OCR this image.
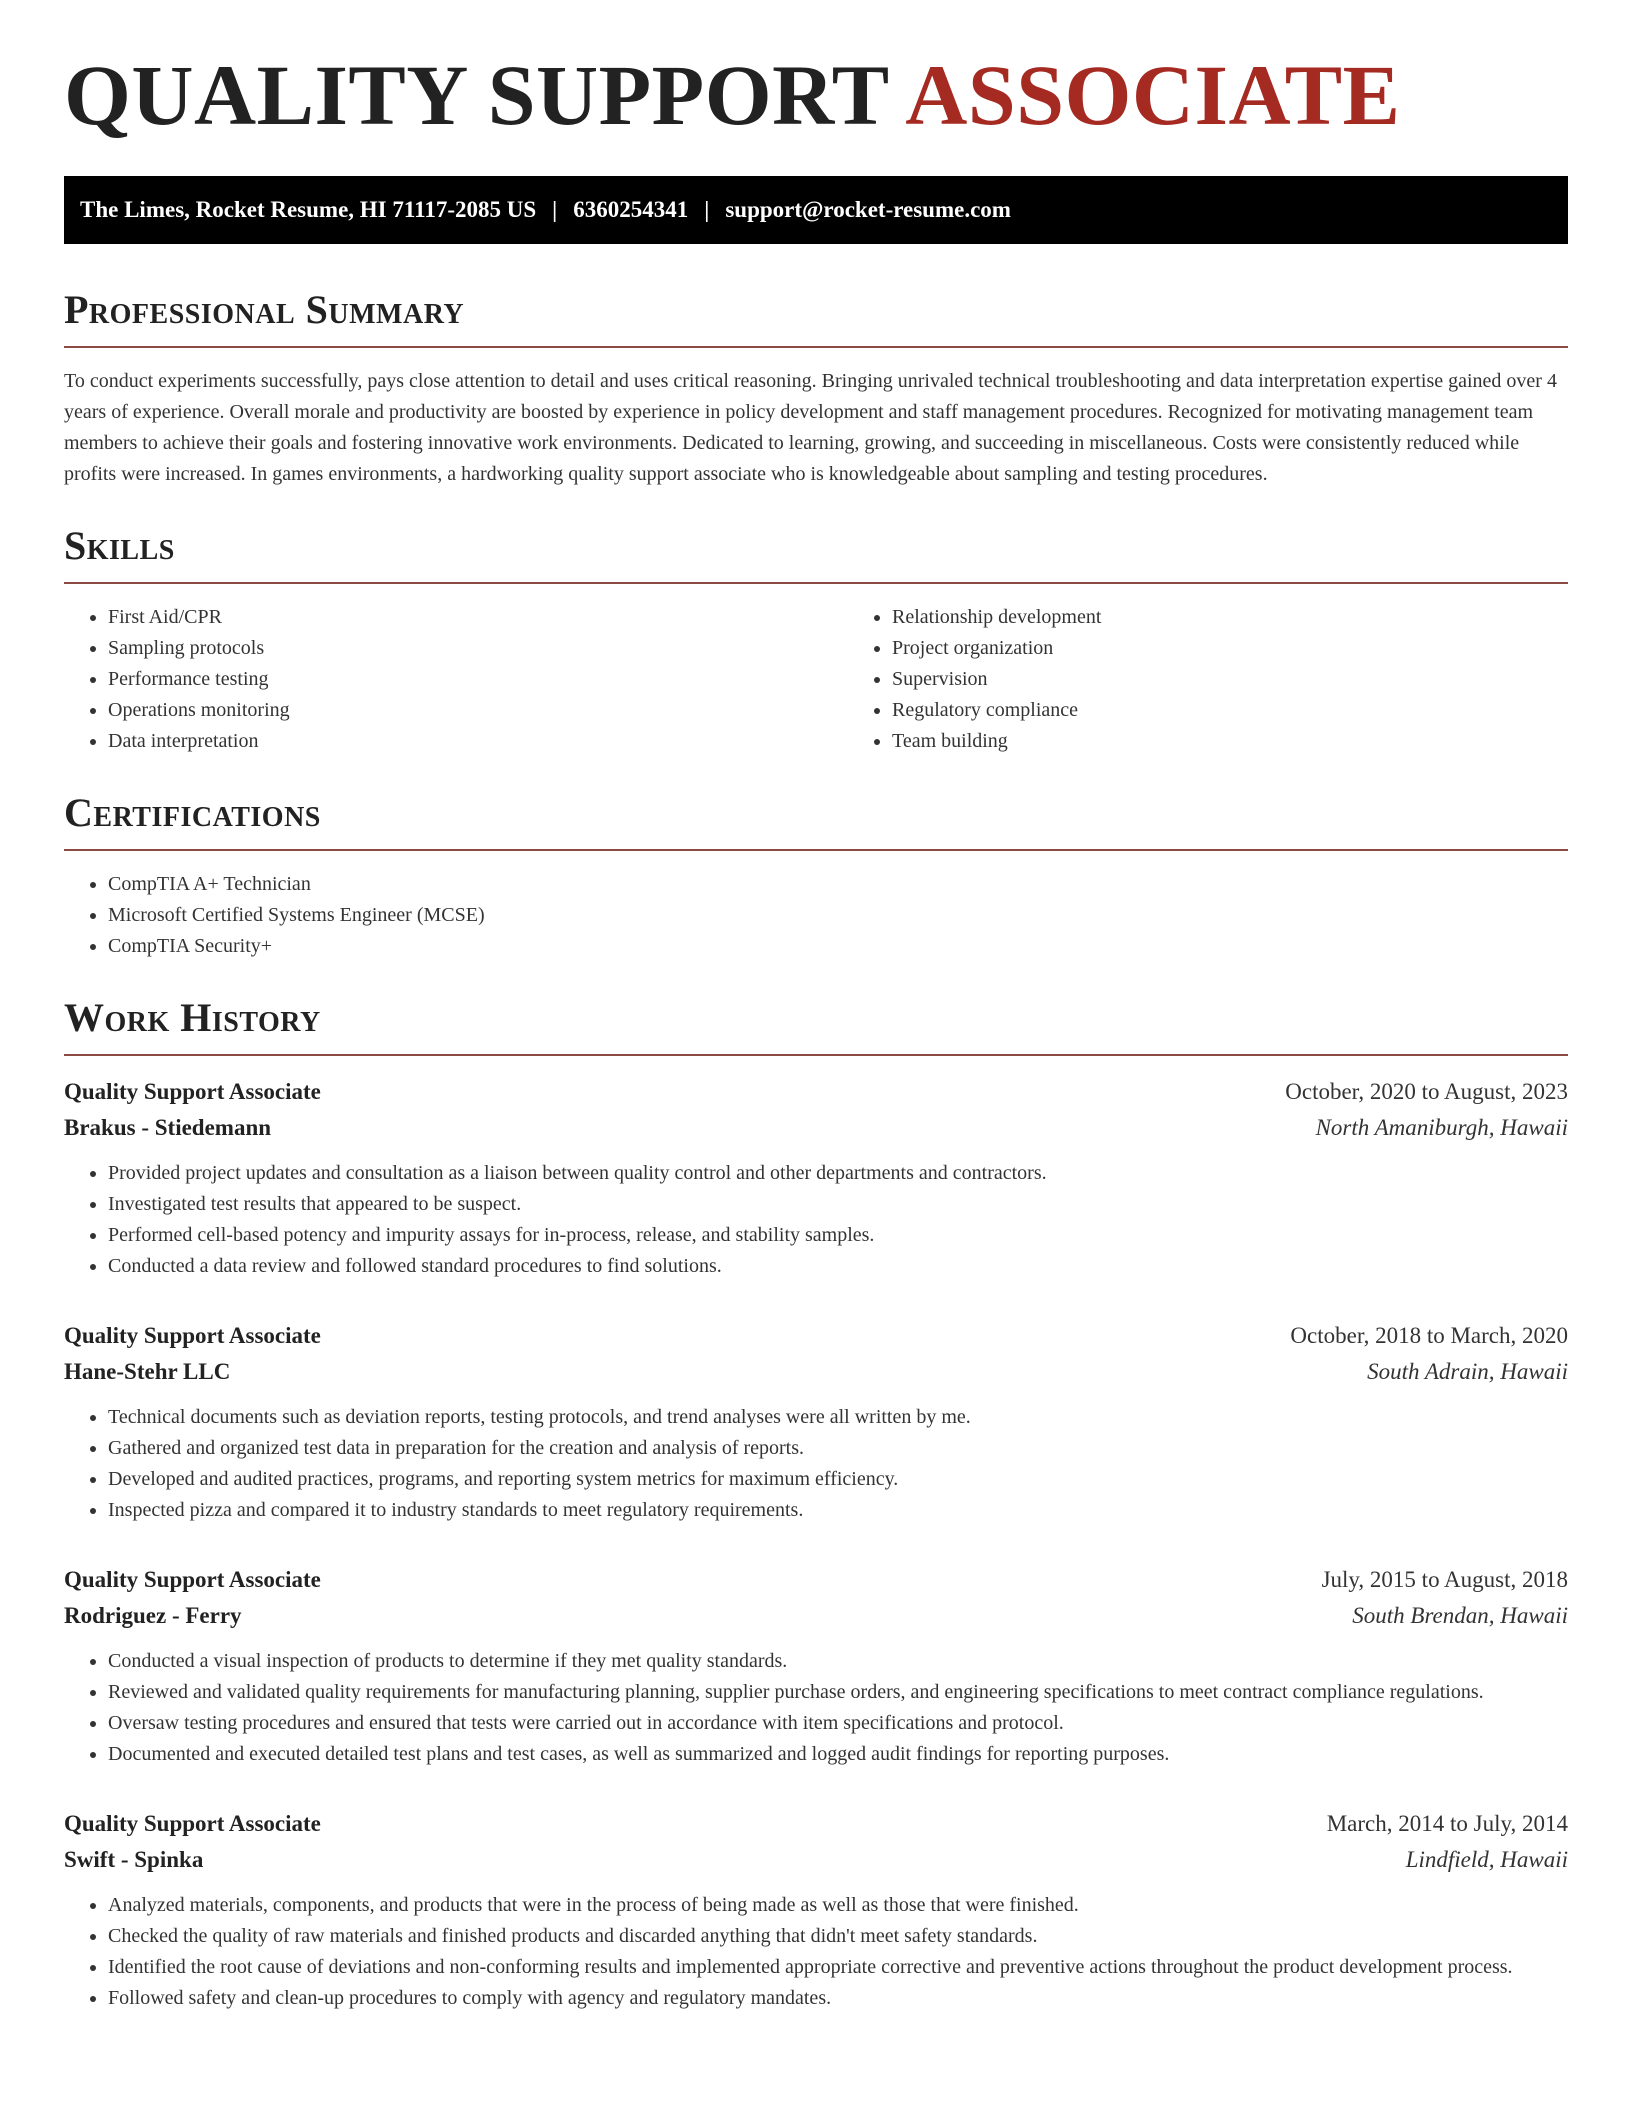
QUALITY SUPPORT ASSOCIATE
The Limes, Rocket Resume, HI 71117-2085 US | 6360254341 | support@rocket-resume.com
Professional Summary

To conduct experiments successfully, pays close attention to detail and uses critical reasoning. Bringing unrivaled technical troubleshooting and data interpretation expertise gained over 4 years of experience. Overall morale and productivity are boosted by experience in policy development and staff management procedures. Recognized for motivating management team members to achieve their goals and fostering innovative work environments. Dedicated to learning, growing, and succeeding in miscellaneous. Costs were consistently reduced while profits were increased. In games environments, a hardworking quality support associate who is knowledgeable about sampling and testing procedures.

Skills
• First Aid/CPR
• Sampling protocols
• Performance testing
• Operations monitoring
• Data interpretation
• Relationship development
• Project organization
• Supervision
• Regulatory compliance
• Team building
Certifications
• CompTIA A+ Technician
• Microsoft Certified Systems Engineer (MCSE)
• CompTIA Security+
Work History
Quality Support Associate	October, 2020 to August, 2023
Brakus - Stiedemann	North Amaniburgh, Hawaii
• Provided project updates and consultation as a liaison between quality control and other departments and contractors.
• Investigated test results that appeared to be suspect.
• Performed cell-based potency and impurity assays for in-process, release, and stability samples.
• Conducted a data review and followed standard procedures to find solutions.
Quality Support Associate	October, 2018 to March, 2020
Hane-Stehr LLC	South Adrain, Hawaii
• Technical documents such as deviation reports, testing protocols, and trend analyses were all written by me.
• Gathered and organized test data in preparation for the creation and analysis of reports.
• Developed and audited practices, programs, and reporting system metrics for maximum efficiency.
• Inspected pizza and compared it to industry standards to meet regulatory requirements.
Quality Support Associate	July, 2015 to August, 2018
Rodriguez - Ferry	South Brendan, Hawaii
• Conducted a visual inspection of products to determine if they met quality standards.
• Reviewed and validated quality requirements for manufacturing planning, supplier purchase orders, and engineering specifications to meet contract compliance regulations.
• Oversaw testing procedures and ensured that tests were carried out in accordance with item specifications and protocol.
• Documented and executed detailed test plans and test cases, as well as summarized and logged audit findings for reporting purposes.
Quality Support Associate	March, 2014 to July, 2014
Swift - Spinka	Lindfield, Hawaii
• Analyzed materials, components, and products that were in the process of being made as well as those that were finished.
• Checked the quality of raw materials and finished products and discarded anything that didn't meet safety standards.
• Identified the root cause of deviations and non-conforming results and implemented appropriate corrective and preventive actions throughout the product development process.
• Followed safety and clean-up procedures to comply with agency and regulatory mandates.
